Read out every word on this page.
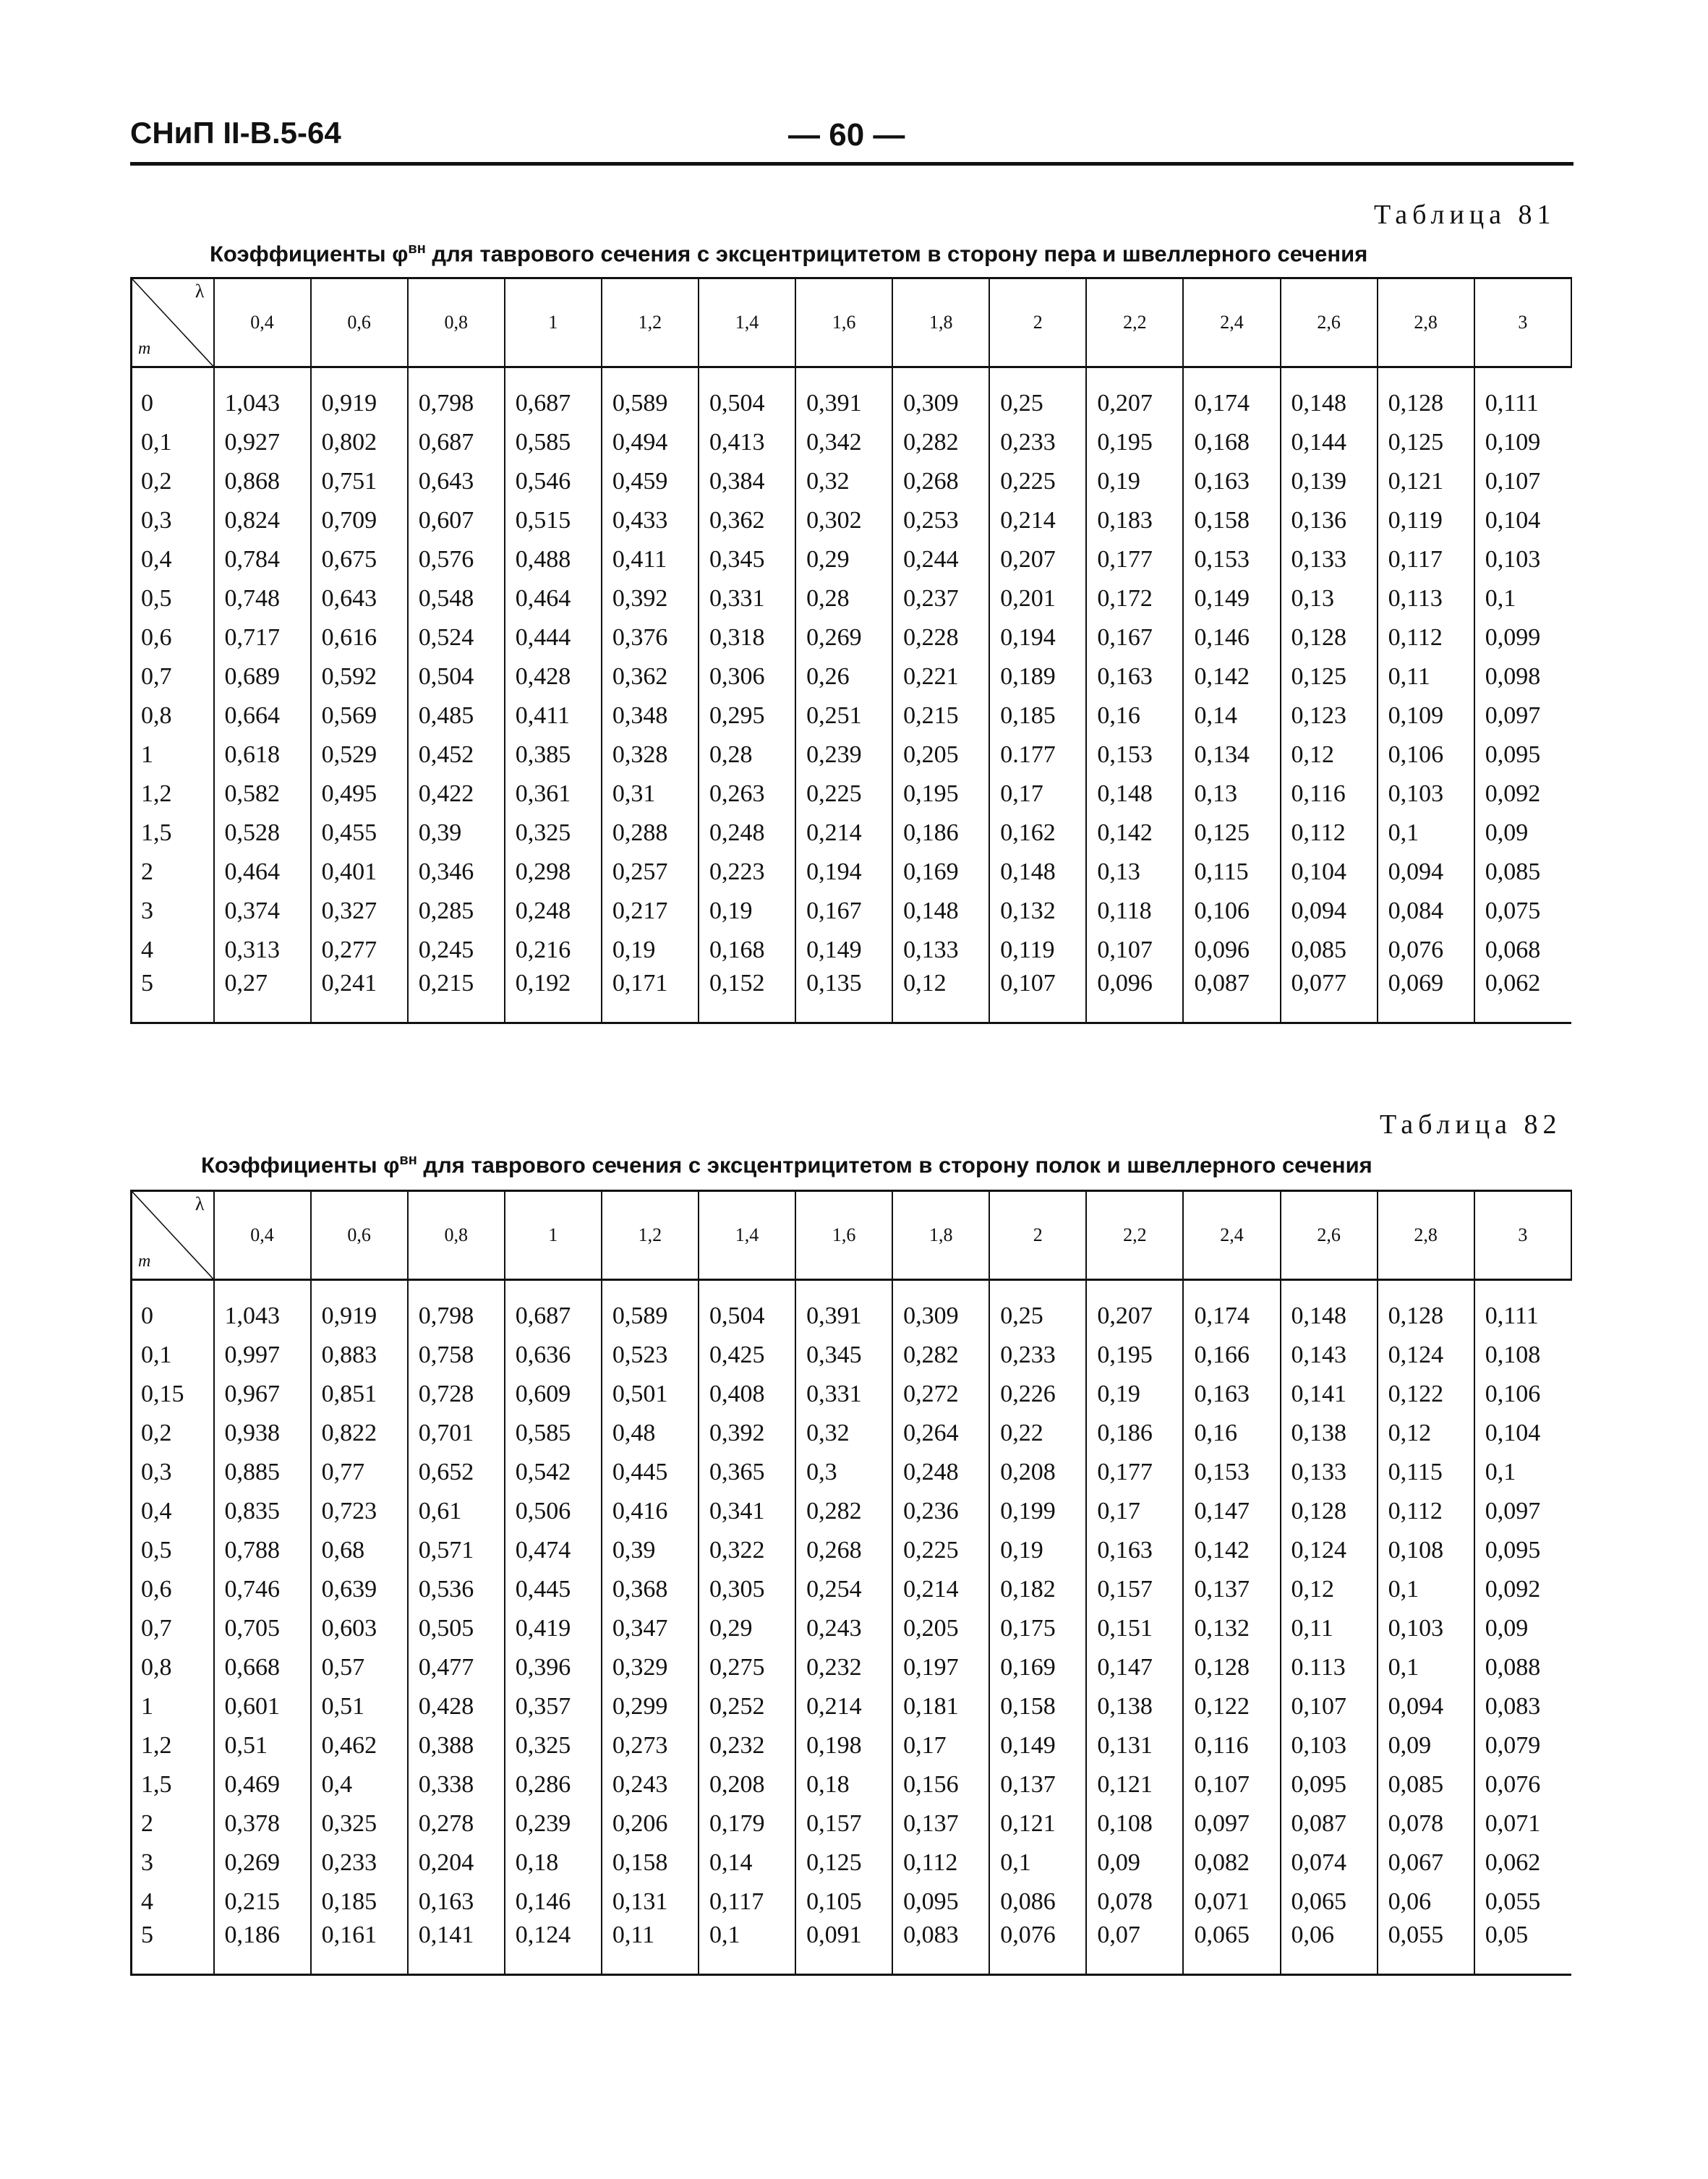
СНиП II-В.5-64	— 60 —
Таблица 81
Коэффициенты $\varphi^{вн}$ для таврового сечения с эксцентрицитетом в сторону пера и швеллерного сечения
λ
m	0,4	0,6	0,8	1	1,2	1,4	1,6	1,8	2	2,2	2,4	2,6	2,8	3

0	1,043	0,919	0,798	0,687	0,589	0,504	0,391	0,309	0,25	0,207	0,174	0,148	0,128	0,111
0,1	0,927	0,802	0,687	0,585	0,494	0,413	0,342	0,282	0,233	0,195	0,168	0,144	0,125	0,109
0,2	0,868	0,751	0,643	0,546	0,459	0,384	0,32	0,268	0,225	0,19	0,163	0,139	0,121	0,107
0,3	0,824	0,709	0,607	0,515	0,433	0,362	0,302	0,253	0,214	0,183	0,158	0,136	0,119	0,104
0,4	0,784	0,675	0,576	0,488	0,411	0,345	0,29	0,244	0,207	0,177	0,153	0,133	0,117	0,103
0,5	0,748	0,643	0,548	0,464	0,392	0,331	0,28	0,237	0,201	0,172	0,149	0,13	0,113	0,1
0,6	0,717	0,616	0,524	0,444	0,376	0,318	0,269	0,228	0,194	0,167	0,146	0,128	0,112	0,099
0,7	0,689	0,592	0,504	0,428	0,362	0,306	0,26	0,221	0,189	0,163	0,142	0,125	0,11	0,098
0,8	0,664	0,569	0,485	0,411	0,348	0,295	0,251	0,215	0,185	0,16	0,14	0,123	0,109	0,097
1	0,618	0,529	0,452	0,385	0,328	0,28	0,239	0,205	0.177	0,153	0,134	0,12	0,106	0,095
1,2	0,582	0,495	0,422	0,361	0,31	0,263	0,225	0,195	0,17	0,148	0,13	0,116	0,103	0,092
1,5	0,528	0,455	0,39	0,325	0,288	0,248	0,214	0,186	0,162	0,142	0,125	0,112	0,1	0,09
2	0,464	0,401	0,346	0,298	0,257	0,223	0,194	0,169	0,148	0,13	0,115	0,104	0,094	0,085
3	0,374	0,327	0,285	0,248	0,217	0,19	0,167	0,148	0,132	0,118	0,106	0,094	0,084	0,075
4	0,313	0,277	0,245	0,216	0,19	0,168	0,149	0,133	0,119	0,107	0,096	0,085	0,076	0,068
5	0,27	0,241	0,215	0,192	0,171	0,152	0,135	0,12	0,107	0,096	0,087	0,077	0,069	0,062
Таблица 82
Коэффициенты $\varphi^{вн}$ для таврового сечения с эксцентрицитетом в сторону полок и швеллерного сечения
λ
m	0,4	0,6	0,8	1	1,2	1,4	1,6	1,8	2	2,2	2,4	2,6	2,8	3

0	1,043	0,919	0,798	0,687	0,589	0,504	0,391	0,309	0,25	0,207	0,174	0,148	0,128	0,111
0,1	0,997	0,883	0,758	0,636	0,523	0,425	0,345	0,282	0,233	0,195	0,166	0,143	0,124	0,108
0,15	0,967	0,851	0,728	0,609	0,501	0,408	0,331	0,272	0,226	0,19	0,163	0,141	0,122	0,106
0,2	0,938	0,822	0,701	0,585	0,48	0,392	0,32	0,264	0,22	0,186	0,16	0,138	0,12	0,104
0,3	0,885	0,77	0,652	0,542	0,445	0,365	0,3	0,248	0,208	0,177	0,153	0,133	0,115	0,1
0,4	0,835	0,723	0,61	0,506	0,416	0,341	0,282	0,236	0,199	0,17	0,147	0,128	0,112	0,097
0,5	0,788	0,68	0,571	0,474	0,39	0,322	0,268	0,225	0,19	0,163	0,142	0,124	0,108	0,095
0,6	0,746	0,639	0,536	0,445	0,368	0,305	0,254	0,214	0,182	0,157	0,137	0,12	0,1	0,092
0,7	0,705	0,603	0,505	0,419	0,347	0,29	0,243	0,205	0,175	0,151	0,132	0,11	0,103	0,09
0,8	0,668	0,57	0,477	0,396	0,329	0,275	0,232	0,197	0,169	0,147	0,128	0.113	0,1	0,088
1	0,601	0,51	0,428	0,357	0,299	0,252	0,214	0,181	0,158	0,138	0,122	0,107	0,094	0,083
1,2	0,51	0,462	0,388	0,325	0,273	0,232	0,198	0,17	0,149	0,131	0,116	0,103	0,09	0,079
1,5	0,469	0,4	0,338	0,286	0,243	0,208	0,18	0,156	0,137	0,121	0,107	0,095	0,085	0,076
2	0,378	0,325	0,278	0,239	0,206	0,179	0,157	0,137	0,121	0,108	0,097	0,087	0,078	0,071
3	0,269	0,233	0,204	0,18	0,158	0,14	0,125	0,112	0,1	0,09	0,082	0,074	0,067	0,062
4	0,215	0,185	0,163	0,146	0,131	0,117	0,105	0,095	0,086	0,078	0,071	0,065	0,06	0,055
5	0,186	0,161	0,141	0,124	0,11	0,1	0,091	0,083	0,076	0,07	0,065	0,06	0,055	0,05
